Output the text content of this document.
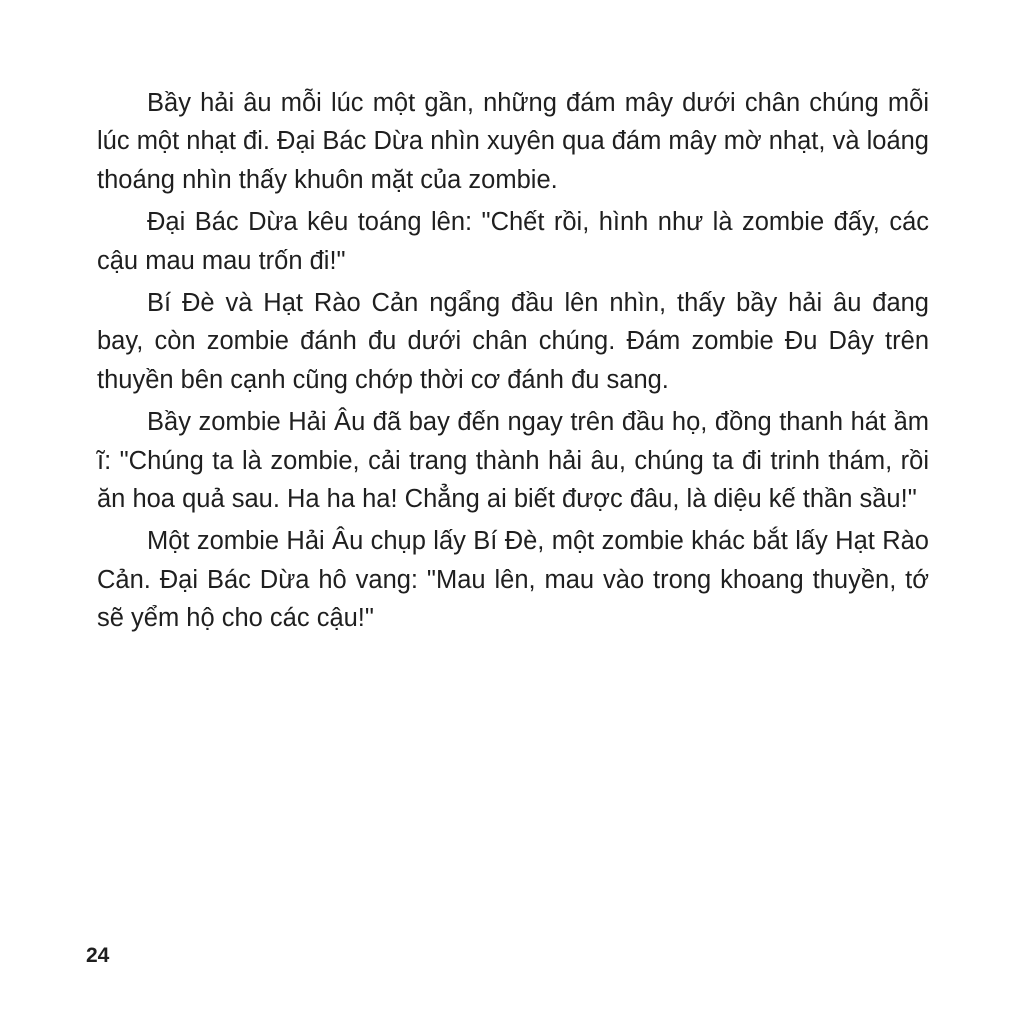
Bầy hải âu mỗi lúc một gần, những đám mây dưới chân chúng mỗi lúc một nhạt đi. Đại Bác Dừa nhìn xuyên qua đám mây mờ nhạt, và loáng thoáng nhìn thấy khuôn mặt của zombie.

Đại Bác Dừa kêu toáng lên: "Chết rồi, hình như là zombie đấy, các cậu mau mau trốn đi!"

Bí Đè và Hạt Rào Cản ngẩng đầu lên nhìn, thấy bầy hải âu đang bay, còn zombie đánh đu dưới chân chúng. Đám zombie Đu Dây trên thuyền bên cạnh cũng chớp thời cơ đánh đu sang.

Bầy zombie Hải Âu đã bay đến ngay trên đầu họ, đồng thanh hát ầm ĩ: "Chúng ta là zombie, cải trang thành hải âu, chúng ta đi trinh thám, rồi ăn hoa quả sau. Ha ha ha! Chẳng ai biết được đâu, là diệu kế thần sầu!"

Một zombie Hải Âu chụp lấy Bí Đè, một zombie khác bắt lấy Hạt Rào Cản. Đại Bác Dừa hô vang: "Mau lên, mau vào trong khoang thuyền, tớ sẽ yểm hộ cho các cậu!"

24
